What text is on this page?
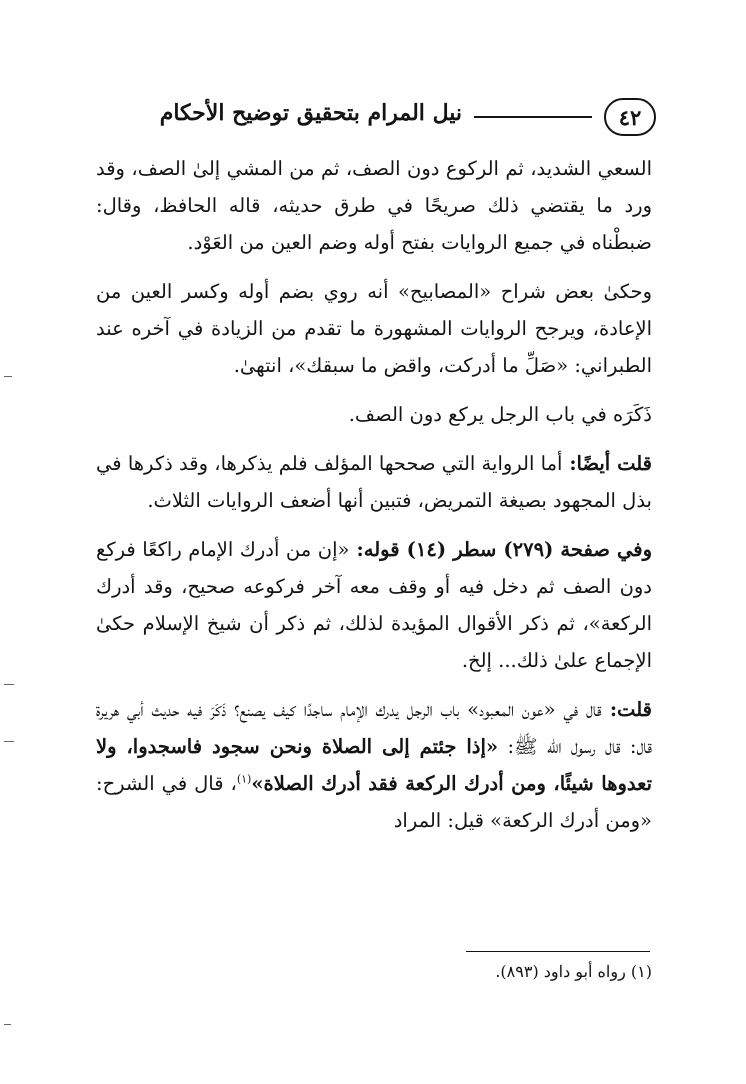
٤٢
نيل المرام بتحقيق توضيح الأحكام

السعي الشديد، ثم الركوع دون الصف، ثم من المشي إلىٰ الصف، وقد ورد ما يقتضي ذلك صريحًا في طرق حديثه، قاله الحافظ، وقال: ضبطْناه في جميع الروايات بفتح أوله وضم العين من العَوْد.

وحكىٰ بعض شراح «المصابيح» أنه روي بضم أوله وكسر العين من الإعادة، ويرجح الروايات المشهورة ما تقدم من الزيادة في آخره عند الطبراني: «صَلِّ ما أدركت، واقض ما سبقك»، انتهىٰ.

ذَكَرَه في باب الرجل يركع دون الصف.

قلت أيضًا: أما الرواية التي صححها المؤلف فلم يذكرها، وقد ذكرها في بذل المجهود بصيغة التمريض، فتبين أنها أضعف الروايات الثلاث.

وفي صفحة (٢٧٩) سطر (١٤) قوله: «إن من أدرك الإمام راكعًا فركع دون الصف ثم دخل فيه أو وقف معه آخر فركوعه صحيح، وقد أدرك الركعة»، ثم ذكر الأقوال المؤيدة لذلك، ثم ذكر أن شيخ الإسلام حكىٰ الإجماع علىٰ ذلك... إلخ.

قلت: قال في «عون المعبود» باب الرجل يدرك الإمام ساجدًا كيف يصنع؟ ذَكَرَ فيه حديث أبي هريرة قال: قال رسول الله ﷺ: «إذا جئتم إلى الصلاة ونحن سجود فاسجدوا، ولا تعدوها شيئًا، ومن أدرك الركعة فقد أدرك الصلاة»$^{(١)}$، قال في الشرح: «ومن أدرك الركعة» قيل: المراد

(١) رواه أبو داود (٨٩٣).
